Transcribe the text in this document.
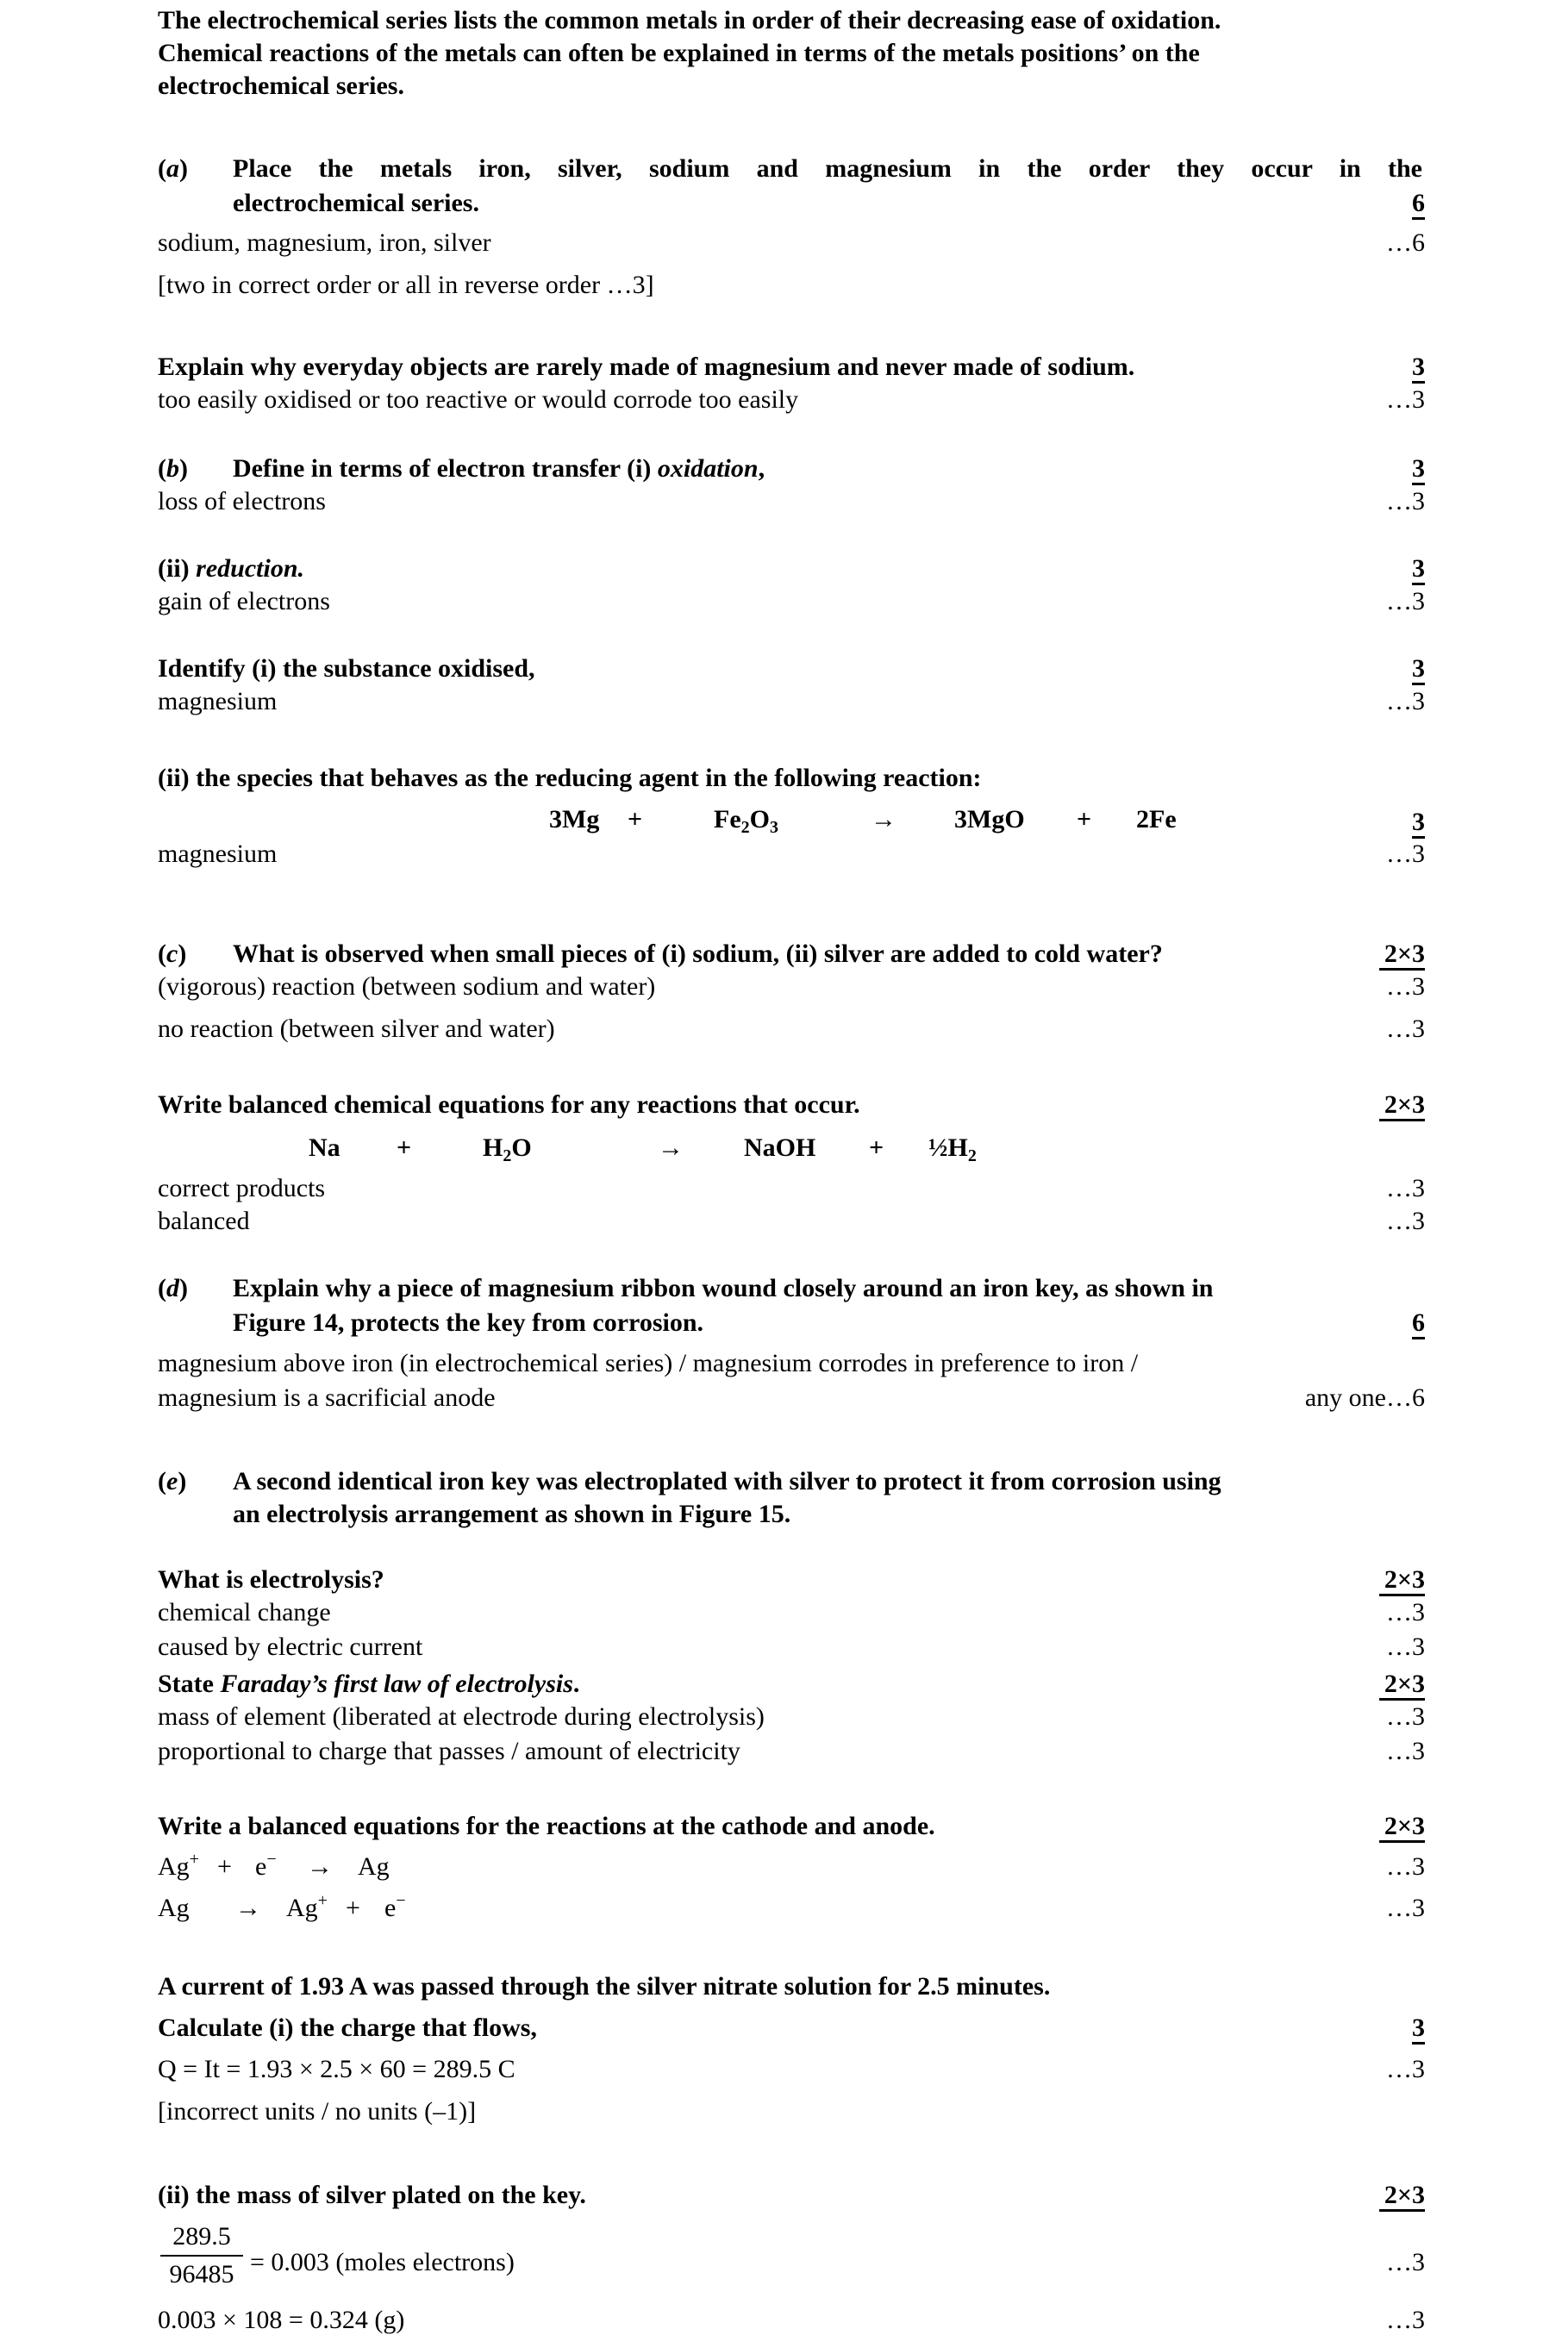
The electrochemical series lists the common metals in order of their decreasing ease of oxidation.
Chemical reactions of the metals can often be explained in terms of the metals positions’ on the
electrochemical series.
(a) Place the metals iron, silver, sodium and magnesium in the order they occur in the
electrochemical series.	6
sodium, magnesium, iron, silver	…6
[two in correct order or all in reverse order …3]
Explain why everyday objects are rarely made of magnesium and never made of sodium.	3
too easily oxidised or too reactive or would corrode too easily	…3
(b) Define in terms of electron transfer (i) oxidation,	3
loss of electrons	…3
(ii) reduction.	3
gain of electrons	…3
Identify (i) the substance oxidised,	3
magnesium	…3
(ii) the species that behaves as the reducing agent in the following reaction:
3Mg +	$Fe_2O_3$	→ 3MgO + 2Fe	3
magnesium	…3
(c) What is observed when small pieces of (i) sodium, (ii) silver are added to cold water?	2×3
(vigorous) reaction (between sodium and water)	…3
no reaction (between silver and water)	…3
Write balanced chemical equations for any reactions that occur.	2×3
Na +	$H_2O$	→ NaOH + $\frac{1}{2}H_2$
correct products	…3
balanced	…3
(d) Explain why a piece of magnesium ribbon wound closely around an iron key, as shown in
Figure 14, protects the key from corrosion.	6
magnesium above iron (in electrochemical series) / magnesium corrodes in preference to iron /
magnesium is a sacrificial anode	any one…6
(e) A second identical iron key was electroplated with silver to protect it from corrosion using
an electrolysis arrangement as shown in Figure 15.
What is electrolysis?	2×3
chemical change	…3
caused by electric current	…3
State Faraday’s first law of electrolysis.	2×3
mass of element (liberated at electrode during electrolysis)	…3
proportional to charge that passes / amount of electricity	…3
Write a balanced equations for the reactions at the cathode and anode.	2×3
Ag+ + e− → Ag	…3
Ag → Ag+ + e−	…3
A current of 1.93 A was passed through the silver nitrate solution for 2.5 minutes.
Calculate (i) the charge that flows,	3
Q = It = 1.93 × 2.5 × 60 = 289.5 C	…3
[incorrect units / no units (–1)]
(ii) the mass of silver plated on the key.	2×3
$\frac{289.5}{96485} = 0.003$ (moles electrons)	…3
0.003 × 108 = 0.324 (g)	…3
